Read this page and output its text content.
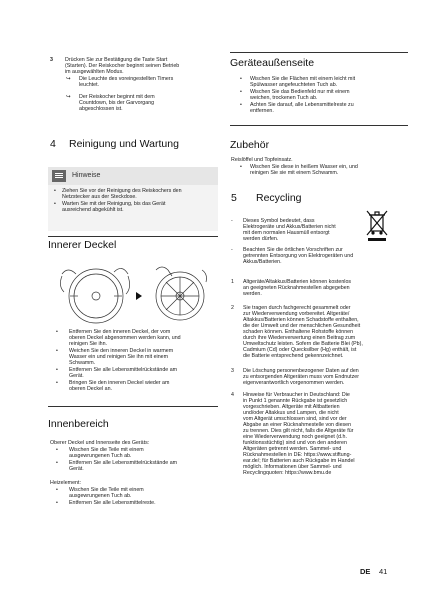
3 Drücken Sie zur Bestätigung die Taste Start
(Starten). Der Reiskocher beginnt seinen Betrieb
im ausgewählten Modus.
↪ Die Leuchte des voreingestellten Timers
leuchtet.
↪ Der Reiskocher beginnt mit dem
Countdown, bis der Garvorgang
abgeschlossen ist.
4 Reinigung und Wartung
Hinweise
•	Ziehen Sie vor der Reinigung des Reiskochers den
Netzstecker aus der Steckdose.
•	Warten Sie mit der Reinigung, bis das Gerät
ausreichend abgekühlt ist.
Innerer Deckel
•	Entfernen Sie den inneren Deckel, der vom
oberen Deckel abgenommen werden kann, und
reinigen Sie ihn.
•	Weichen Sie den inneren Deckel in warmem
Wasser ein und reinigen Sie ihn mit einem
Schwamm.
•	Entfernen Sie alle Lebensmittelrückstände am
Gerät.
•	Bringen Sie den inneren Deckel wieder am
oberen Deckel an.
Innenbereich
Oberer Deckel und Innenseite des Geräts:
•	Wischen Sie die Teile mit einem
ausgewrungenen Tuch ab.
•	Entfernen Sie alle Lebensmittelrückstände am
Gerät.
Heizelement:
•	Wischen Sie die Teile mit einem
ausgewrungenen Tuch ab.
•	Entfernen Sie alle Lebensmittelreste.
Geräteaußenseite
•	Wischen Sie die Flächen mit einem leicht mit
Spülwasser angefeuchteten Tuch ab.
•	Wischen Sie das Bedienfeld nur mit einem
weichen, trockenen Tuch ab.
•	Achten Sie darauf, alle Lebensmittelreste zu
entfernen.
Zubehör
Reislöffel und Topfeinsatz.
•	Wischen Sie diese in heißem Wasser ein, und
reinigen Sie sie mit einem Schwamm.
5 Recycling
-	Dieses Symbol bedeutet, dass
Elektrogeräte und Akkus/Batterien nicht
mit dem normalen Hausmüll entsorgt
werden dürfen.
-	Beachten Sie die örtlichen Vorschriften zur
getrennten Entsorgung von Elektrogeräten und
Akkus/Batterien.
1 Altgeräte/Altakkus/Batterien können kostenlos
an geeigneten Rücknahmestellen abgegeben
werden.
2 Sie tragen durch fachgerecht gesammelt oder
zur Wiederverwendung vorbereitet. Altgeräte/
Altakkus/Batterien können Schadstoffe enthalten,
die der Umwelt und der menschlichen Gesundheit
schaden können. Enthaltene Rohstoffe können
durch ihre Wiederverwertung einen Beitrag zum
Umweltschutz leisten. Sofern die Batterie Blei (Pb),
Cadmium (Cd) oder Quecksilber (Hg) enthält, ist
die Batterie entsprechend gekennzeichnet.
3 Die Löschung personenbezogener Daten auf den
zu entsorgenden Altgeräten muss vom Endnutzer
eigenverantwortlich vorgenommen werden.
4 Hinweise für Verbraucher in Deutschland: Die
in Punkt 1 genannte Rückgabe ist gesetzlich
vorgeschrieben. Altgeräte mit Altbatterien
und/oder Altakkus und Lampen, die nicht
vom Altgerät umschlossen sind, sind vor der
Abgabe an einer Rücknahmestelle von diesen
zu trennen. Dies gilt nicht, falls die Altgeräte für
eine Wiederverwendung noch geeignet (d.h.
funktionsstüchtig) sind und von den anderen
Altgeräten getrennt werden. Sammel- und
Rücknahmestellen in DE: https://www.stiftung-
ear.de/; für Batterien auch Rückgabe im Handel
möglich. Informationen über Sammel- und
Recyclingquoten: https://www.bmu.de
DE 41
